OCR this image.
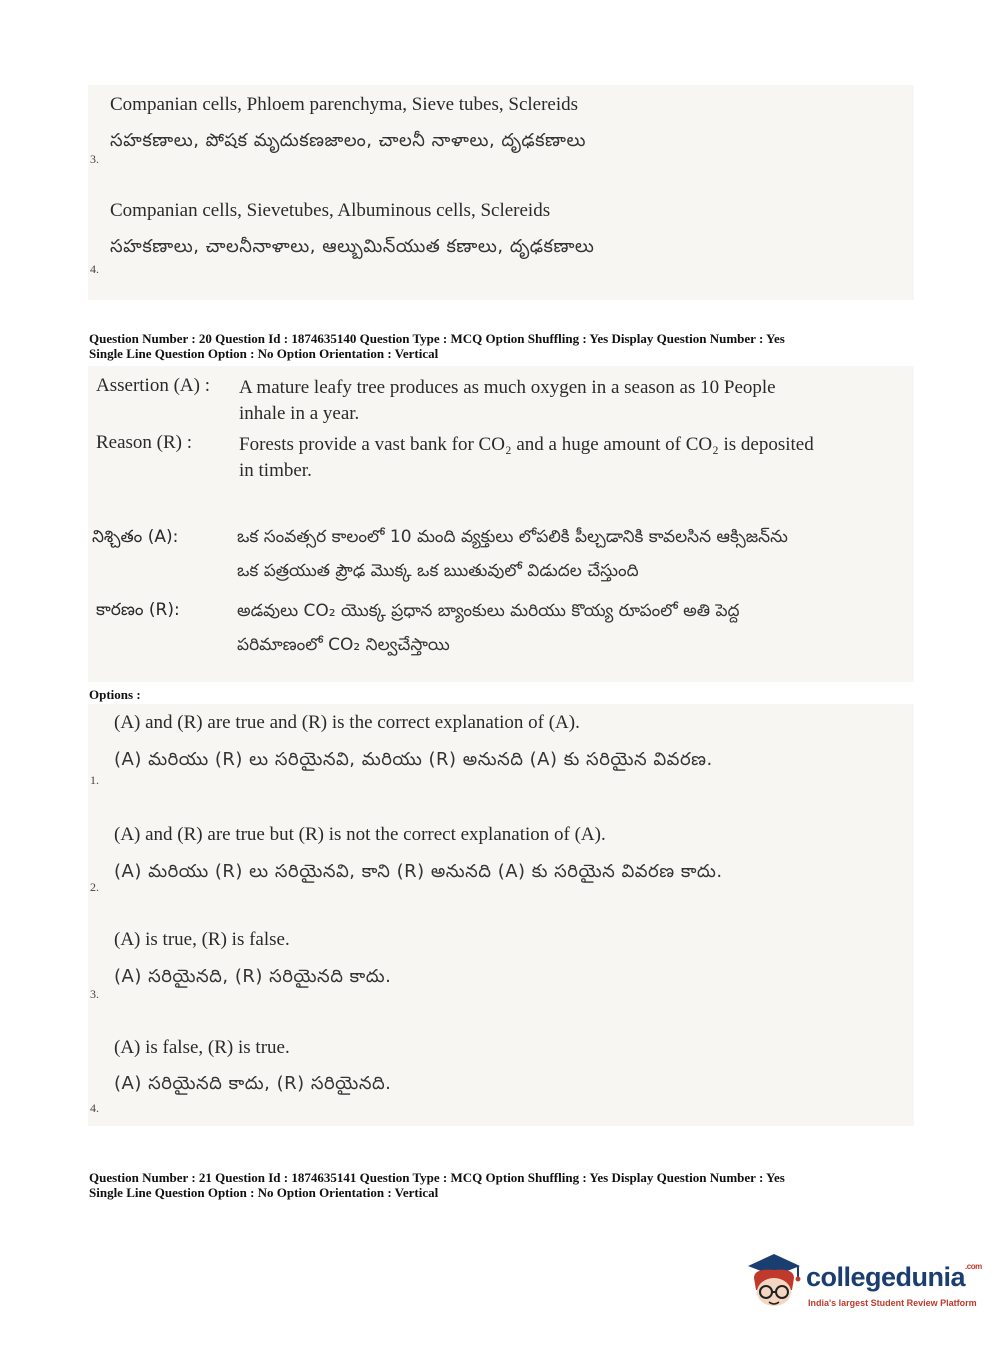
Companian cells, Phloem parenchyma, Sieve tubes, Sclereids
సహకణాలు, పోషక మృదుకణజాలం, చాలనీ నాళాలు, దృఢకణాలు
3.
Companian cells, Sievetubes, Albuminous cells, Sclereids
సహకణాలు, చాలనీనాళాలు, ఆల్బుమిన్‌యుత కణాలు, దృఢకణాలు
4.
Question Number : 20 Question Id : 1874635140 Question Type : MCQ Option Shuffling : Yes Display Question Number : Yes
Single Line Question Option : No Option Orientation : Vertical
Assertion (A) : A mature leafy tree produces as much oxygen in a season as 10 People
inhale in a year.
Reason (R) : Forests provide a vast bank for CO₂ and a huge amount of CO₂ is deposited
in timber.
నిశ్చితం (A):	ఒక సంవత్సర కాలంలో 10 మంది వ్యక్తులు లోపలికి పీల్చడానికి కావలసిన ఆక్సిజన్‌ను
ఒక పత్రయుత ప్రౌఢ మొక్క ఒక ఋతువులో విడుదల చేస్తుంది
కారణం (R):	అడవులు CO₂ యొక్క ప్రధాన బ్యాంకులు మరియు కొయ్య రూపంలో అతి పెద్ద
పరిమాణంలో CO₂ నిల్వచేస్తాయి
Options :
(A) and (R) are true and (R) is the correct explanation of (A).
(A) మరియు (R) లు సరియైనవి, మరియు (R) అనునది (A) కు సరియైన వివరణ.
1.
(A) and (R) are true but (R) is not the correct explanation of (A).
(A) మరియు (R) లు సరియైనవి, కాని (R) అనునది (A) కు సరియైన వివరణ కాదు.
2.
(A) is true, (R) is false.
(A) సరియైనది, (R) సరియైనది కాదు.
3.
(A) is false, (R) is true.
(A) సరియైనది కాదు, (R) సరియైనది.
4.
Question Number : 21 Question Id : 1874635141 Question Type : MCQ Option Shuffling : Yes Display Question Number : Yes
Single Line Question Option : No Option Orientation : Vertical
collegedunia$^{.com}$
India's largest Student Review Platform
